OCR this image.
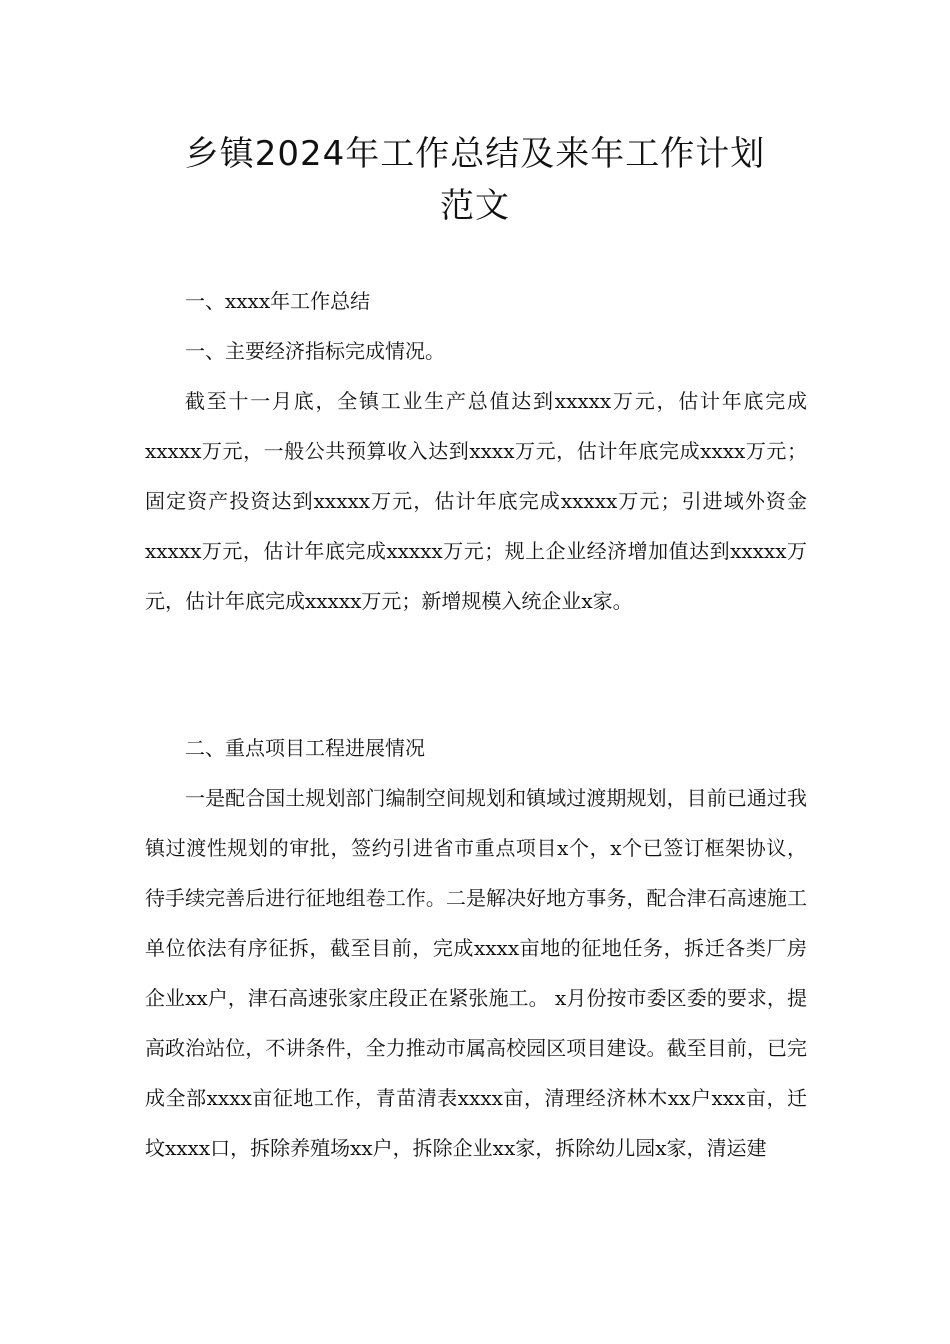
乡镇2024年工作总结及来年工作计划
范文

一、xxxx年工作总结

一、主要经济指标完成情况。

截至十一月底，全镇工业生产总值达到xxxxx万元，估计年底完成xxxxx万元，一般公共预算收入达到xxxx万元，估计年底完成xxxx万元；固定资产投资达到xxxxx万元，估计年底完成xxxxx万元；引进域外资金xxxxx万元，估计年底完成xxxxx万元；规上企业经济增加值达到xxxxx万元，估计年底完成xxxxx万元；新增规模入统企业x家。

二、重点项目工程进展情况

一是配合国土规划部门编制空间规划和镇域过渡期规划，目前已通过我镇过渡性规划的审批，签约引进省市重点项目x个，x个已签订框架协议，待手续完善后进行征地组卷工作。二是解决好地方事务，配合津石高速施工单位依法有序征拆，截至目前，完成xxxx亩地的征地任务，拆迁各类厂房企业xx户，津石高速张家庄段正在紧张施工。 x月份按市委区委的要求，提高政治站位，不讲条件，全力推动市属高校园区项目建设。截至目前，已完成全部xxxx亩征地工作，青苗清表xxxx亩，清理经济林木xx户xxx亩，迁坟xxxx口，拆除养殖场xx户，拆除企业xx家，拆除幼儿园x家，清运建
